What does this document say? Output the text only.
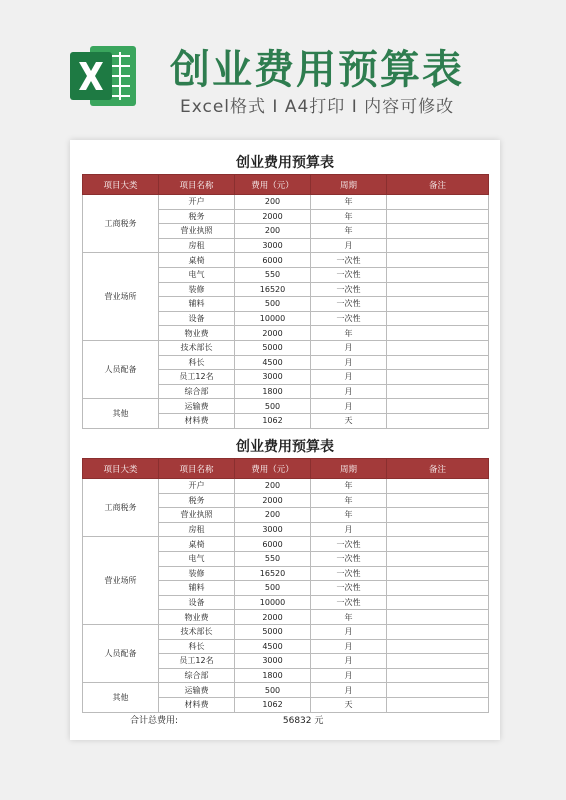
创业费用预算表
Excel格式 I A4打印 I 内容可修改
创业费用预算表
项目大类	项目名称	费用（元）	周期	备注
工商税务	开户	200	年	
	税务	2000	年	
	营业执照	200	年	
	房租	3000	月	
营业场所	桌椅	6000	一次性	
	电气	550	一次性	
	装修	16520	一次性	
	辅料	500	一次性	
	设备	10000	一次性	
	物业费	2000	年	
人员配备	技术部长	5000	月	
	科长	4500	月	
	员工12名	3000	月	
	综合部	1800	月	
其他	运输费	500	月	
	材料费	1062	天	
创业费用预算表
项目大类	项目名称	费用（元）	周期	备注
工商税务	开户	200	年	
	税务	2000	年	
	营业执照	200	年	
	房租	3000	月	
营业场所	桌椅	6000	一次性	
	电气	550	一次性	
	装修	16520	一次性	
	辅料	500	一次性	
	设备	10000	一次性	
	物业费	2000	年	
人员配备	技术部长	5000	月	
	科长	4500	月	
	员工12名	3000	月	
	综合部	1800	月	
其他	运输费	500	月	
	材料费	1062	天	
合计总费用:	56832 元
